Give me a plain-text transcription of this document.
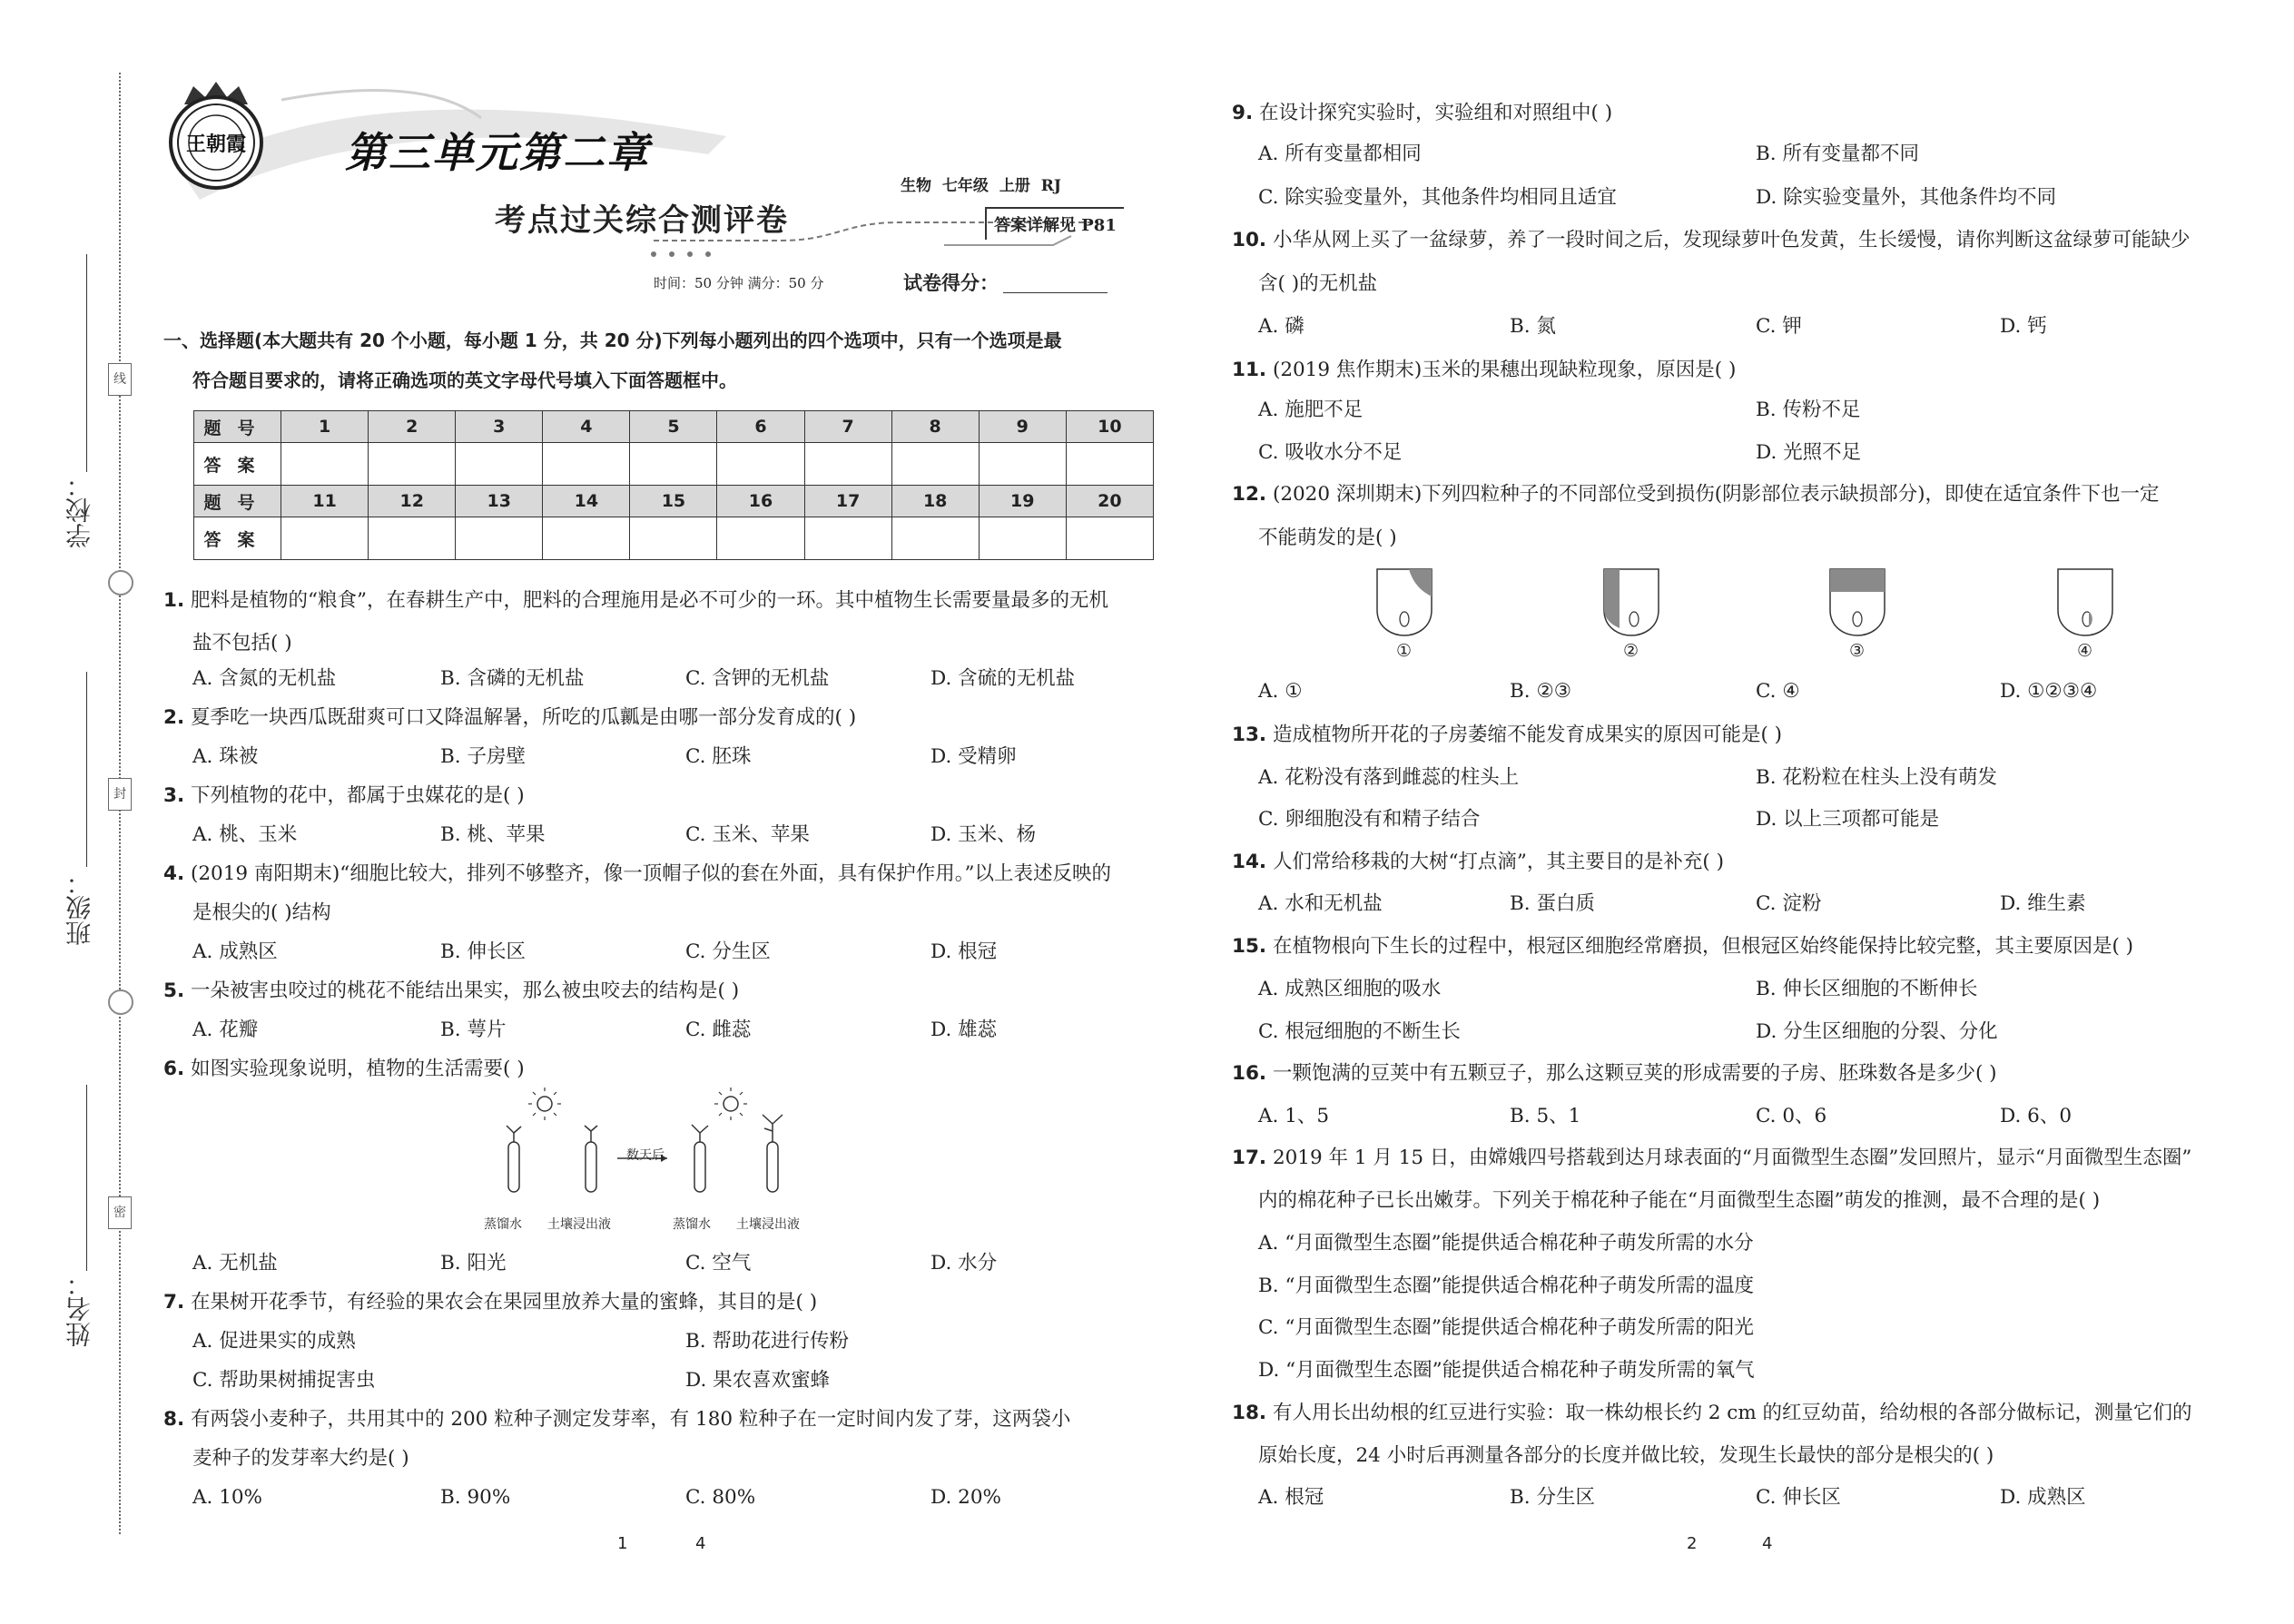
学校：
线
班级：
封
姓名：
密
王朝霞 第三单元第二章
考点过关综合测评卷
生物 七年级 上册 RJ
答案详解见 P81
时间：50 分钟 满分：50 分	试卷得分：
一、选择题(本大题共有 20 个小题，每小题 1 分，共 20 分)下列每小题列出的四个选项中，只有一个选项是最
符合题目要求的，请将正确选项的英文字母代号填入下面答题框中。
题号	1	2	3	4	5	6	7	8	9	10
答案										
题号	11	12	13	14	15	16	17	18	19	20
答案										
1. 肥料是植物的“粮食”，在春耕生产中，肥料的合理施用是必不可少的一环。其中植物生长需要量最多的无机
盐不包括( )
A. 含氮的无机盐	B. 含磷的无机盐	C. 含钾的无机盐	D. 含硫的无机盐
2. 夏季吃一块西瓜既甜爽可口又降温解暑，所吃的瓜瓤是由哪一部分发育成的( )
A. 珠被	B. 子房壁	C. 胚珠	D. 受精卵
3. 下列植物的花中，都属于虫媒花的是( )
A. 桃、玉米	B. 桃、苹果	C. 玉米、苹果	D. 玉米、杨
4. (2019 南阳期末)“细胞比较大，排列不够整齐，像一顶帽子似的套在外面，具有保护作用。”以上表述反映的
是根尖的( )结构
A. 成熟区	B. 伸长区	C. 分生区	D. 根冠
5. 一朵被害虫咬过的桃花不能结出果实，那么被虫咬去的结构是( )
A. 花瓣	B. 萼片	C. 雌蕊	D. 雄蕊
6. 如图实验现象说明，植物的生活需要( )
数天后
蒸馏水 土壤浸出液	蒸馏水 土壤浸出液
A. 无机盐	B. 阳光	C. 空气	D. 水分
7. 在果树开花季节，有经验的果农会在果园里放养大量的蜜蜂，其目的是( )
A. 促进果实的成熟	B. 帮助花进行传粉
C. 帮助果树捕捉害虫	D. 果农喜欢蜜蜂
8. 有两袋小麦种子，共用其中的 200 粒种子测定发芽率，有 180 粒种子在一定时间内发了芽，这两袋小
麦种子的发芽率大约是( )
A. 10%	B. 90%	C. 80%	D. 20%
1	4
9. 在设计探究实验时，实验组和对照组中( )
A. 所有变量都相同	B. 所有变量都不同
C. 除实验变量外，其他条件均相同且适宜	D. 除实验变量外，其他条件均不同
10. 小华从网上买了一盆绿萝，养了一段时间之后，发现绿萝叶色发黄，生长缓慢，请你判断这盆绿萝可能缺少
含( )的无机盐
A. 磷	B. 氮	C. 钾	D. 钙
11. (2019 焦作期末)玉米的果穗出现缺粒现象，原因是( )
A. 施肥不足	B. 传粉不足
C. 吸收水分不足	D. 光照不足
12. (2020 深圳期末)下列四粒种子的不同部位受到损伤(阴影部位表示缺损部分)，即使在适宜条件下也一定
不能萌发的是( )
①	②	③	④
A. ①	B. ②③	C. ④	D. ①②③④
13. 造成植物所开花的子房萎缩不能发育成果实的原因可能是( )
A. 花粉没有落到雌蕊的柱头上	B. 花粉粒在柱头上没有萌发
C. 卵细胞没有和精子结合	D. 以上三项都可能是
14. 人们常给移栽的大树“打点滴”，其主要目的是补充( )
A. 水和无机盐	B. 蛋白质	C. 淀粉	D. 维生素
15. 在植物根向下生长的过程中，根冠区细胞经常磨损，但根冠区始终能保持比较完整，其主要原因是( )
A. 成熟区细胞的吸水	B. 伸长区细胞的不断伸长
C. 根冠细胞的不断生长	D. 分生区细胞的分裂、分化
16. 一颗饱满的豆荚中有五颗豆子，那么这颗豆荚的形成需要的子房、胚珠数各是多少( )
A. 1、5	B. 5、1	C. 0、6	D. 6、0
17. 2019 年 1 月 15 日，由嫦娥四号搭载到达月球表面的“月面微型生态圈”发回照片，显示“月面微型生态圈”
内的棉花种子已长出嫩芽。下列关于棉花种子能在“月面微型生态圈”萌发的推测，最不合理的是( )
A. “月面微型生态圈”能提供适合棉花种子萌发所需的水分
B. “月面微型生态圈”能提供适合棉花种子萌发所需的温度
C. “月面微型生态圈”能提供适合棉花种子萌发所需的阳光
D. “月面微型生态圈”能提供适合棉花种子萌发所需的氧气
18. 有人用长出幼根的红豆进行实验：取一株幼根长约 2 cm 的红豆幼苗，给幼根的各部分做标记，测量它们的
原始长度，24 小时后再测量各部分的长度并做比较，发现生长最快的部分是根尖的( )
A. 根冠	B. 分生区	C. 伸长区	D. 成熟区
2	4
